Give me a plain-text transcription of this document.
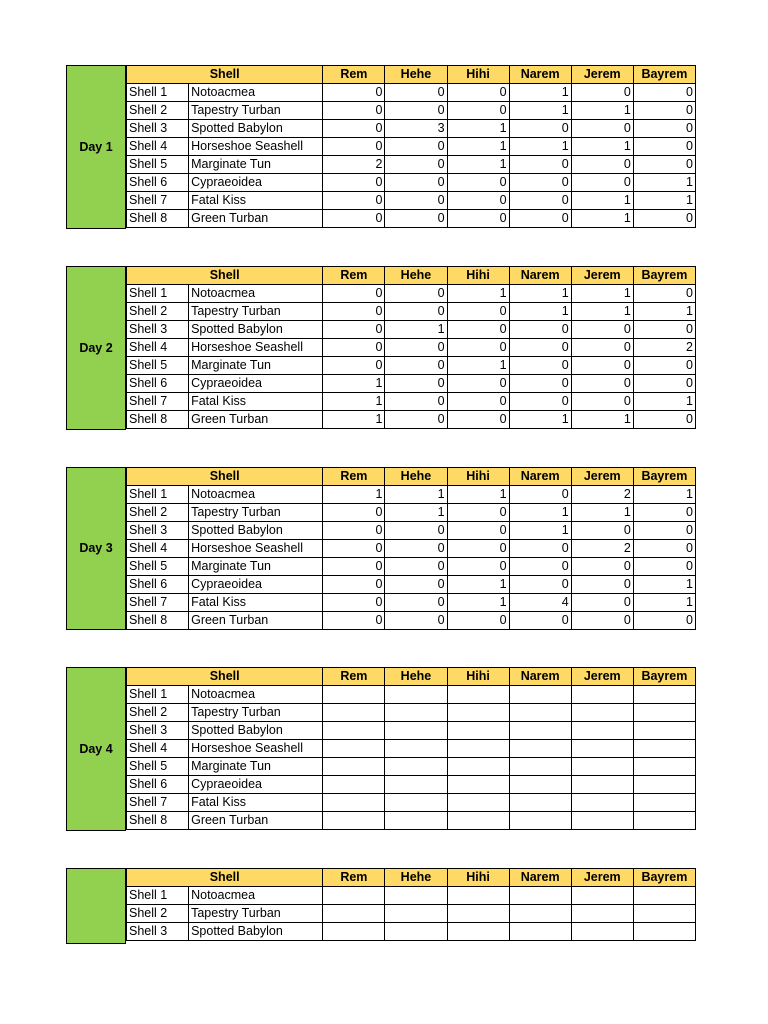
Day 1
Shell		Rem	Hehe	Hihi	Narem	Jerem	Bayrem
Shell 1	Notoacmea	0	0	0	1	0	0
Shell 2	Tapestry Turban	0	0	0	1	1	0
Shell 3	Spotted Babylon	0	3	1	0	0	0
Shell 4	Horseshoe Seashell	0	0	1	1	1	0
Shell 5	Marginate Tun	2	0	1	0	0	0
Shell 6	Cypraeoidea	0	0	0	0	0	1
Shell 7	Fatal Kiss	0	0	0	0	1	1
Shell 8	Green Turban	0	0	0	0	1	0
Day 2
Shell		Rem	Hehe	Hihi	Narem	Jerem	Bayrem
Shell 1	Notoacmea	0	0	1	1	1	0
Shell 2	Tapestry Turban	0	0	0	1	1	1
Shell 3	Spotted Babylon	0	1	0	0	0	0
Shell 4	Horseshoe Seashell	0	0	0	0	0	2
Shell 5	Marginate Tun	0	0	1	0	0	0
Shell 6	Cypraeoidea	1	0	0	0	0	0
Shell 7	Fatal Kiss	1	0	0	0	0	1
Shell 8	Green Turban	1	0	0	1	1	0
Day 3
Shell		Rem	Hehe	Hihi	Narem	Jerem	Bayrem
Shell 1	Notoacmea	1	1	1	0	2	1
Shell 2	Tapestry Turban	0	1	0	1	1	0
Shell 3	Spotted Babylon	0	0	0	1	0	0
Shell 4	Horseshoe Seashell	0	0	0	0	2	0
Shell 5	Marginate Tun	0	0	0	0	0	0
Shell 6	Cypraeoidea	0	0	1	0	0	1
Shell 7	Fatal Kiss	0	0	1	4	0	1
Shell 8	Green Turban	0	0	0	0	0	0
Day 4
Shell		Rem	Hehe	Hihi	Narem	Jerem	Bayrem
Shell 1	Notoacmea						
Shell 2	Tapestry Turban						
Shell 3	Spotted Babylon						
Shell 4	Horseshoe Seashell						
Shell 5	Marginate Tun						
Shell 6	Cypraeoidea						
Shell 7	Fatal Kiss						
Shell 8	Green Turban						
Shell		Rem	Hehe	Hihi	Narem	Jerem	Bayrem
Shell 1	Notoacmea						
Shell 2	Tapestry Turban						
Shell 3	Spotted Babylon						
